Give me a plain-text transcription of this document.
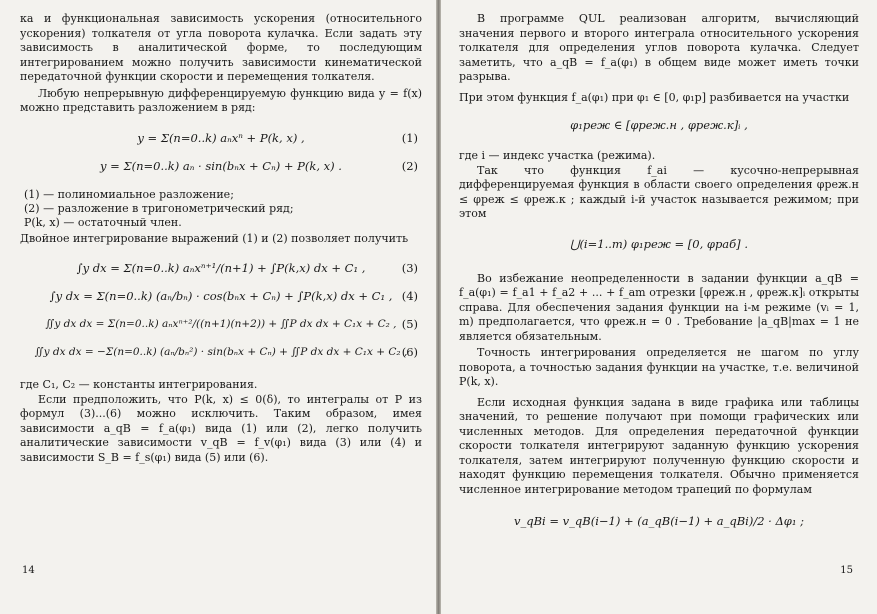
ка и функциональная зависимость ускорения (относительного ускорения) толкателя от угла поворота кулачка. Если задать эту зависимость в аналитической форме, то последующим интегрированием можно получить зависимости кинематической передаточной функции скорости и перемещения толкателя.

Любую непрерывную дифференцируемую функцию вида y = f(x) можно представить разложением в ряд:

y = Σ(n=0..k) aₙxⁿ + P(k, x) ,	(1)
y = Σ(n=0..k) aₙ · sin(bₙx + Cₙ) + P(k, x) .	(2)

(1) — полиномиальное разложение;

(2) — разложение в тригонометрический ряд;

P(k, x) — остаточный член.

Двойное интегрирование выражений (1) и (2) позволяет получить

∫y dx = Σ(n=0..k) aₙxⁿ⁺¹/(n+1) + ∫P(k,x) dx + C₁ ,	(3)
∫y dx = Σ(n=0..k) (aₙ/bₙ) · cos(bₙx + Cₙ) + ∫P(k,x) dx + C₁ , (4)
∬y dx dx = Σ(n=0..k) aₙxⁿ⁺²/((n+1)(n+2)) + ∬P dx dx + C₁x + C₂ , (5)
∬y dx dx = −Σ(n=0..k) (aₙ/bₙ²) · sin(bₙx + Cₙ) + ∬P dx dx + C₁x + C₂ ,
(6)

где C₁, C₂ — константы интегрирования.

Если предположить, что P(k, x) ≤ 0(δ), то интегралы от P из формул (3)...(6) можно исключить. Таким образом, имея зависимости a_qB = f_a(φ₁) вида (1) или (2), легко получить аналитические зависимости v_qB = f_v(φ₁) вида (3) или (4) и зависимости S_B = f_s(φ₁) вида (5) или (6).

14

В программе QUL реализован алгоритм, вычисляющий значения первого и второго интеграла относительного ускорения толкателя для определения углов поворота кулачка. Следует заметить, что a_qB = f_a(φ₁) в общем виде может иметь точки разрыва.

При этом функция f_a(φ₁) при φ₁ ∈ [0, φ₁p] разбивается на участки

φ₁реж ∈ [φреж.н , φреж.к]ᵢ ,

где i — индекс участка (режима).

Так что функция f_ai — кусочно-непрерывная дифференцируемая функция в области своего определения φреж.н ≤ φреж ≤ φреж.к ; каждый i-й участок называется режимом; при этом

⋃(i=1..m) φ₁реж = [0, φраб] .

Во избежание неопределенности в задании функции a_qB = f_a(φ₁) = f_a1 + f_a2 + ... + f_am отрезки [φреж.н , φреж.к]ᵢ открыты справа. Для обеспечения задания функции на i-м режиме (vᵢ = 1, m) предполагается, что φреж.н = 0 . Требование |a_qB|max = 1 не является обязательным.

Точность интегрирования определяется не шагом по углу поворота, а точностью задания функции на участке, т.е. величиной P(k, x).

Если исходная функция задана в виде графика или таблицы значений, то решение получают при помощи графических или численных методов. Для определения передаточной функции скорости толкателя интегрируют заданную функцию ускорения толкателя, затем интегрируют полученную функцию скорости и находят функцию перемещения толкателя. Обычно применяется численное интегрирование методом трапеций по формулам

v_qBi = v_qB(i−1) + (a_qB(i−1) + a_qBi)/2 · Δφ₁ ;
15
